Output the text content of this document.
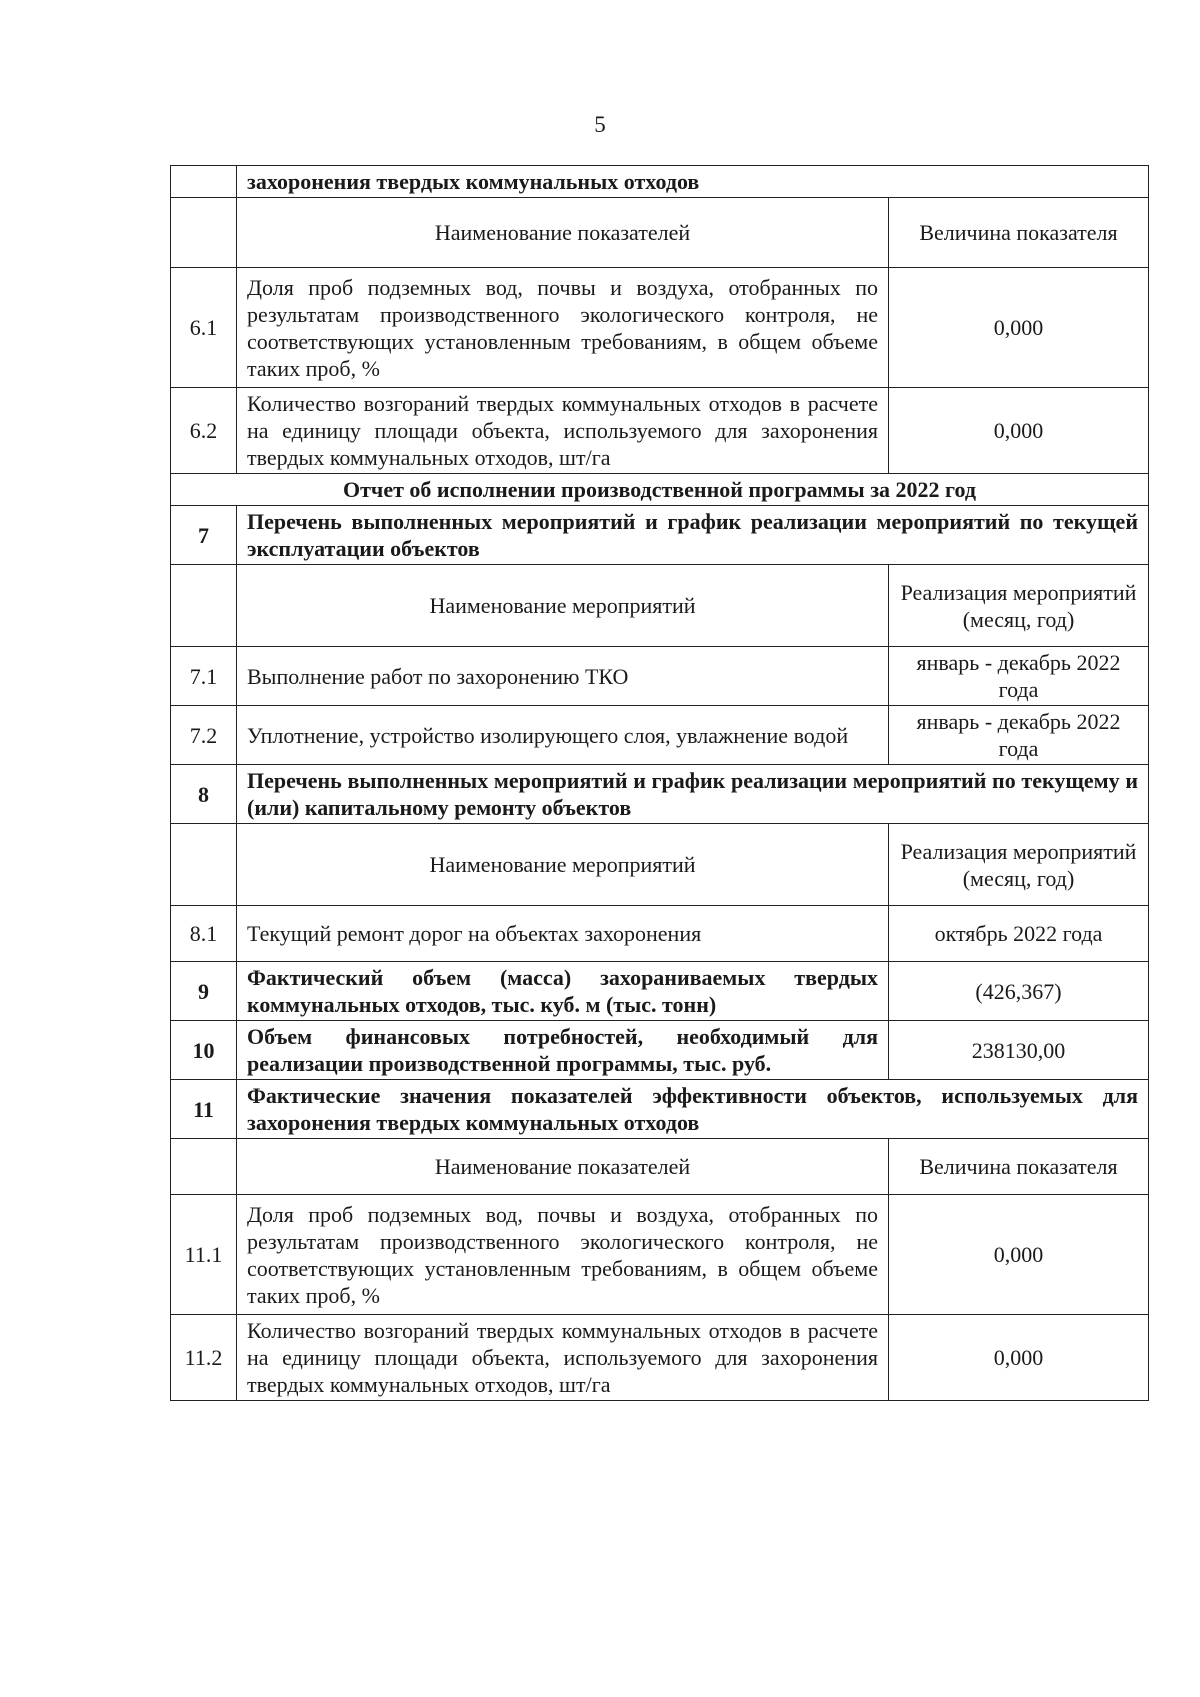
5
	захоронения твердых коммунальных отходов	
	Наименование показателей	Величина показателя
6.1	Доля проб подземных вод, почвы и воздуха, отобранных по результатам производственного экологического контроля, не соответствующих установленным требованиям, в общем объеме таких проб, %	0,000
6.2	Количество возгораний твердых коммунальных отходов в расчете на единицу площади объекта, используемого для захоронения твердых коммунальных отходов, шт/га	0,000
Отчет об исполнении производственной программы за 2022 год		
7	Перечень выполненных мероприятий и график реализации мероприятий по текущей эксплуатации объектов	
	Наименование мероприятий	Реализация мероприятий (месяц, год)
7.1	Выполнение работ по захоронению ТКО	январь - декабрь 2022 года
7.2	Уплотнение, устройство изолирующего слоя, увлажнение водой	январь - декабрь 2022 года
8	Перечень выполненных мероприятий и график реализации мероприятий по текущему и (или) капитальному ремонту объектов	
	Наименование мероприятий	Реализация мероприятий (месяц, год)
8.1	Текущий ремонт дорог на объектах захоронения	октябрь 2022 года
9	Фактический объем (масса) захораниваемых твердых коммунальных отходов, тыс. куб. м (тыс. тонн)	(426,367)
10	Объем финансовых потребностей, необходимый для реализации производственной программы, тыс. руб.	238130,00
11	Фактические значения показателей эффективности объектов, используемых для захоронения твердых коммунальных отходов	
	Наименование показателей	Величина показателя
11.1	Доля проб подземных вод, почвы и воздуха, отобранных по результатам производственного экологического контроля, не соответствующих установленным требованиям, в общем объеме таких проб, %	0,000
11.2	Количество возгораний твердых коммунальных отходов в расчете на единицу площади объекта, используемого для захоронения твердых коммунальных отходов, шт/га	0,000
